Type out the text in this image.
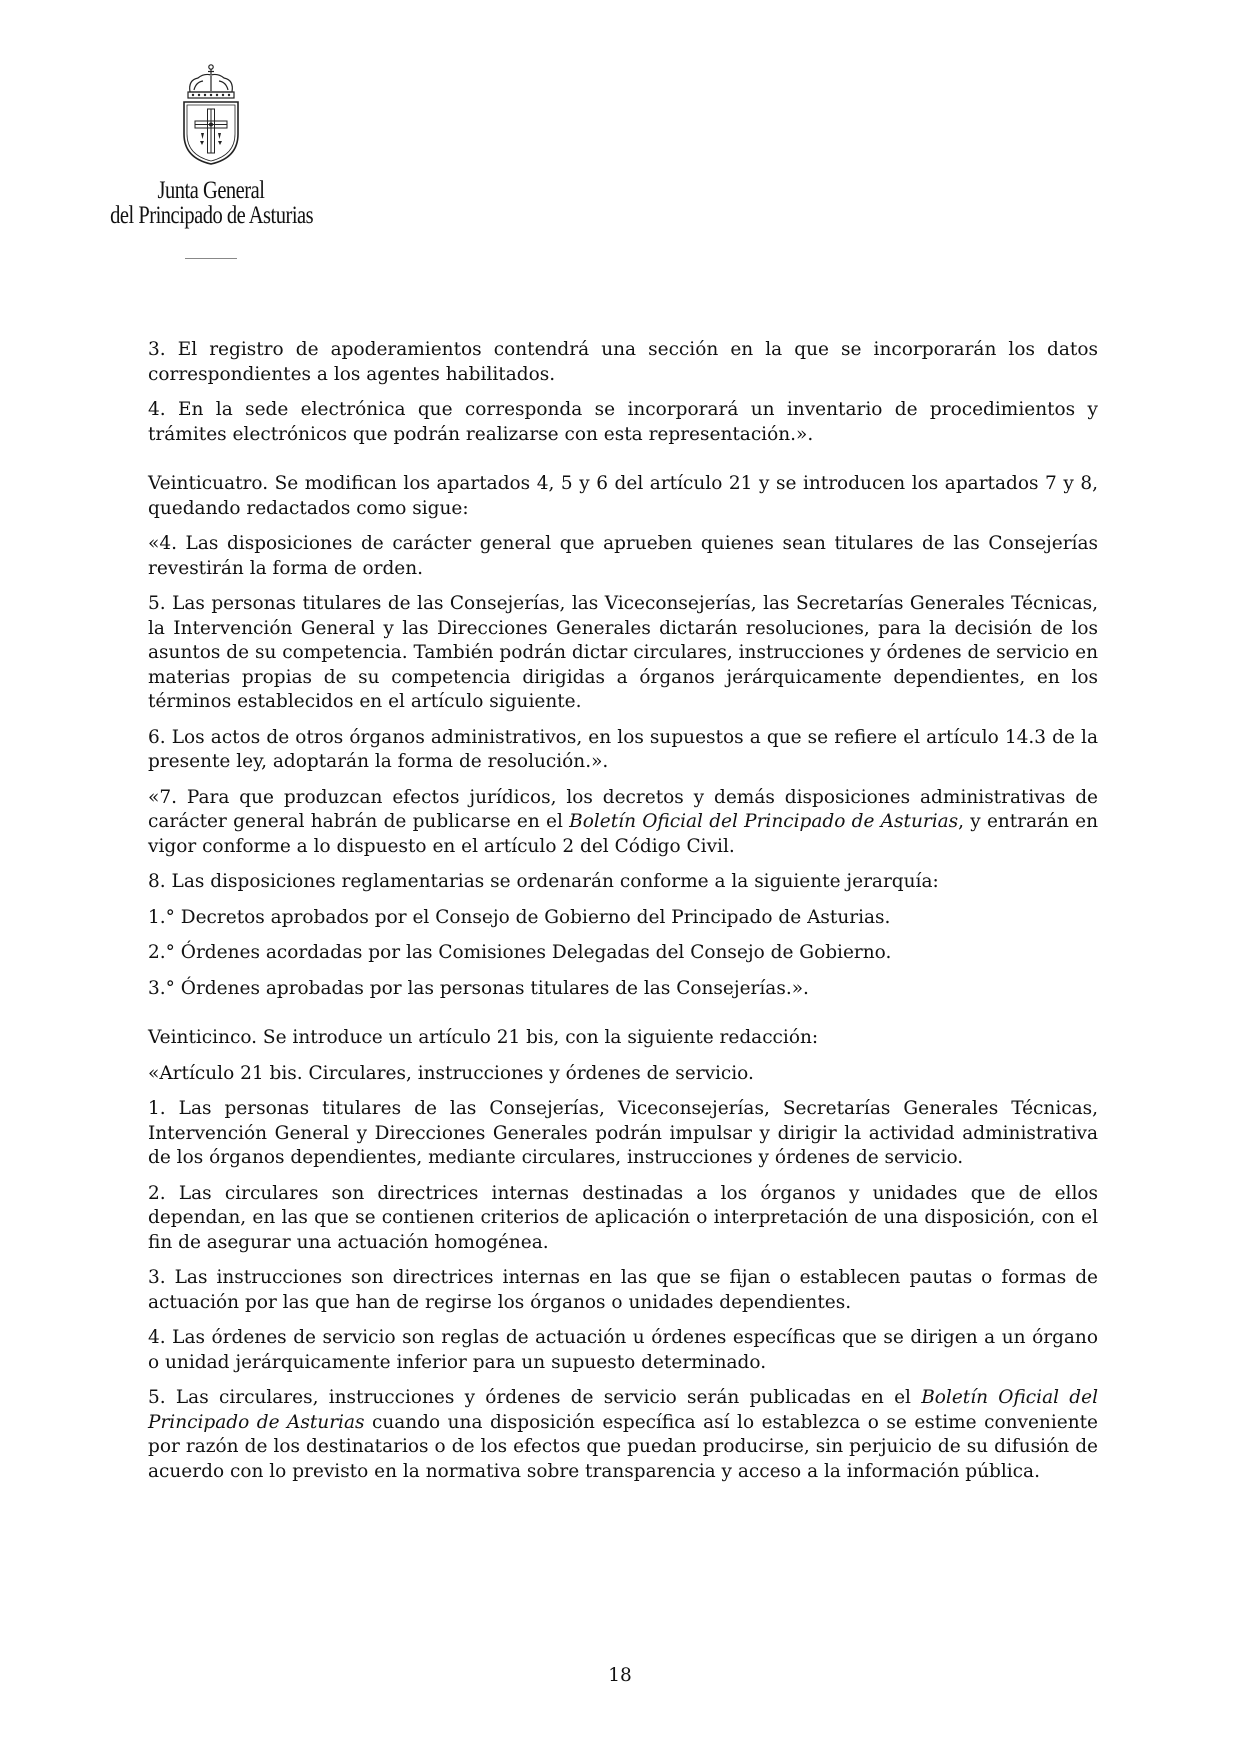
Junta General
del Principado de Asturias

3. El registro de apoderamientos contendrá una sección en la que se incorporarán los datos correspondientes a los agentes habilitados.

4. En la sede electrónica que corresponda se incorporará un inventario de procedimientos y trámites electrónicos que podrán realizarse con esta representación.».

Veinticuatro. Se modifican los apartados 4, 5 y 6 del artículo 21 y se introducen los apartados 7 y 8, quedando redactados como sigue:

«4. Las disposiciones de carácter general que aprueben quienes sean titulares de las Consejerías revestirán la forma de orden.

5. Las personas titulares de las Consejerías, las Viceconsejerías, las Secretarías Generales Técnicas, la Intervención General y las Direcciones Generales dictarán resoluciones, para la decisión de los asuntos de su competencia. También podrán dictar circulares, instrucciones y órdenes de servicio en materias propias de su competencia dirigidas a órganos jerárquicamente dependientes, en los términos establecidos en el artículo siguiente.

6. Los actos de otros órganos administrativos, en los supuestos a que se refiere el artículo 14.3 de la presente ley, adoptarán la forma de resolución.».

«7. Para que produzcan efectos jurídicos, los decretos y demás disposiciones administrativas de carácter general habrán de publicarse en el Boletín Oficial del Principado de Asturias, y entrarán en vigor conforme a lo dispuesto en el artículo 2 del Código Civil.

8. Las disposiciones reglamentarias se ordenarán conforme a la siguiente jerarquía:

1.° Decretos aprobados por el Consejo de Gobierno del Principado de Asturias.

2.° Órdenes acordadas por las Comisiones Delegadas del Consejo de Gobierno.

3.° Órdenes aprobadas por las personas titulares de las Consejerías.».

Veinticinco. Se introduce un artículo 21 bis, con la siguiente redacción:

«Artículo 21 bis. Circulares, instrucciones y órdenes de servicio.

1. Las personas titulares de las Consejerías, Viceconsejerías, Secretarías Generales Técnicas, Intervención General y Direcciones Generales podrán impulsar y dirigir la actividad administrativa de los órganos dependientes, mediante circulares, instrucciones y órdenes de servicio.

2. Las circulares son directrices internas destinadas a los órganos y unidades que de ellos dependan, en las que se contienen criterios de aplicación o interpretación de una disposición, con el fin de asegurar una actuación homogénea.

3. Las instrucciones son directrices internas en las que se fijan o establecen pautas o formas de actuación por las que han de regirse los órganos o unidades dependientes.

4. Las órdenes de servicio son reglas de actuación u órdenes específicas que se dirigen a un órgano o unidad jerárquicamente inferior para un supuesto determinado.

5. Las circulares, instrucciones y órdenes de servicio serán publicadas en el Boletín Oficial del Principado de Asturias cuando una disposición específica así lo establezca o se estime conveniente por razón de los destinatarios o de los efectos que puedan producirse, sin perjuicio de su difusión de acuerdo con lo previsto en la normativa sobre transparencia y acceso a la información pública.

18
